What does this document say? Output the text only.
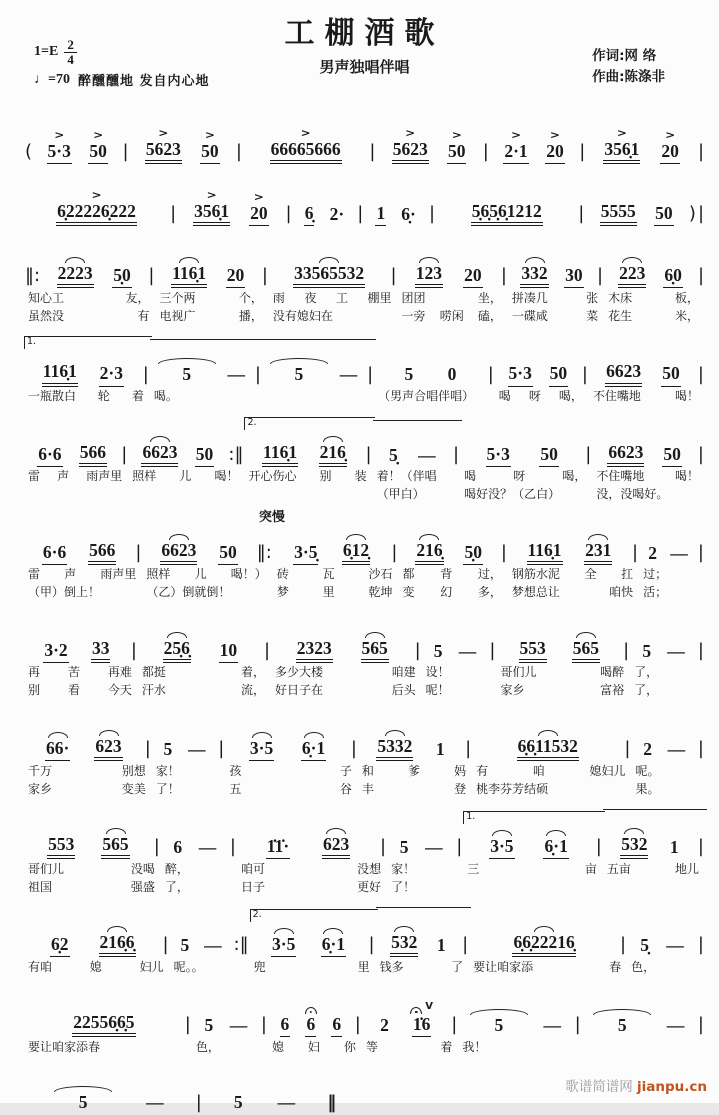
工棚酒歌
男声独唱伴唱
作词:网 络
作曲:陈涤非
$1=E \frac{2}{4}$
♩=70 醉醺醺地 发自内心地
(
>
5·3
>
50 |
>
5623
>
50 |
>
66665666 |
>
5623
>
50 |
>
2·1
>
20 |
>
356̣1
>
20 |
>
6̣22226̣222 |
>
356̣1
>
20 | 6̣ 2· | 1 6̣· | 5̣6̣5̣6̣1212 | 5555 50 ) |
‖: 2223 5̣0 |
知心工	友，
虽然没	有
116̣1 20 |
三个两	个，
电视广	播，
33565532 |
雨 夜 工 棚里
没有媳妇在
123 20 |
团团	坐，
一旁 唠闲 磕，
332 30 |
拼凑几	张
一碟咸	菜
223 6̣0 |
木床	板，
花生	米，
1.
116̣1 2·3 |
一瓶散白 轮 着
5 — |
喝。
5 — | 5 0 |
（男声合唱伴唱）
5·3 50 |
喝 呀 喝，
6623 50 |
不住嘴地	喝！
6·6 566 |
雷 声 雨声里
6623 50 :‖
照样 儿 喝！
2.
116̣1 216̣ |
开心伤心 别 装
5̣ — |
着！（伴唱
（甲白）
5·3 50 |
喝	呀	喝，
喝好没？（乙白）
6623 50 |
不住嘴地	喝！
没，没喝好。
6·6 566 |
雷 声 雨声里
（甲）倒上！
6623 50 ‖:
照样 儿 喝！）
（乙）倒就倒！
突慢
3·5̣ 6̣12̣ |
砖	瓦	沙石
梦	里	乾坤
216̣ 5̣0 |
都 背 过，
变 幻 多，
116̣1 231 |
钢筋水泥 全 扛
梦想总让	咱快
2 — |
过；
活；
3·2 33 |
再 苦 再难
别 看 今天
25̣6̣ 10 |
都挺	着，
汗水	流，
2323 565 |
多少大楼	咱建
好日子在	后头
5 — |
设！
呢！
553 565 |
哥们儿	喝醉
家乡	富裕
5 — |
了，
了，
66· 623 |
千万	别想
家乡	变美
5 — |
家！
了！
3·5 6̣·1 |
孩	子
五	谷
5332 1 |
和	爹	妈
丰	登
6̣6̣11532	|
有	咱	媳妇儿
桃李芬芳结硕
2 — |
呢。
果。
553 565 |
哥们儿	没喝
祖国	强盛
6 — |
醉，
了，
1̇1̇· 623 |
咱可	没想
日子	更好
5 — |
家！
了！
1.
3·5 6̣·1 |
三	亩
532 1 |
五亩	地儿
6̣2 216̣6̣ |
有咱	媳	妇儿
5 — :‖
呢。。
2.
3·5 6̣·1 |
兜	里
532 1 |
钱多	了
6̣6̣22216̣	|
要让咱家添	春
5̣ — |
色，
22556̣6̣5	|
要让咱家添春
5 — |
色，
6 6 6 |
媳 妇 你
2
V
1̇6 |
等	着
5 — |
我！
5 — |
5	— | 5 — ‖
歌谱简谱网 jianpu.cn
